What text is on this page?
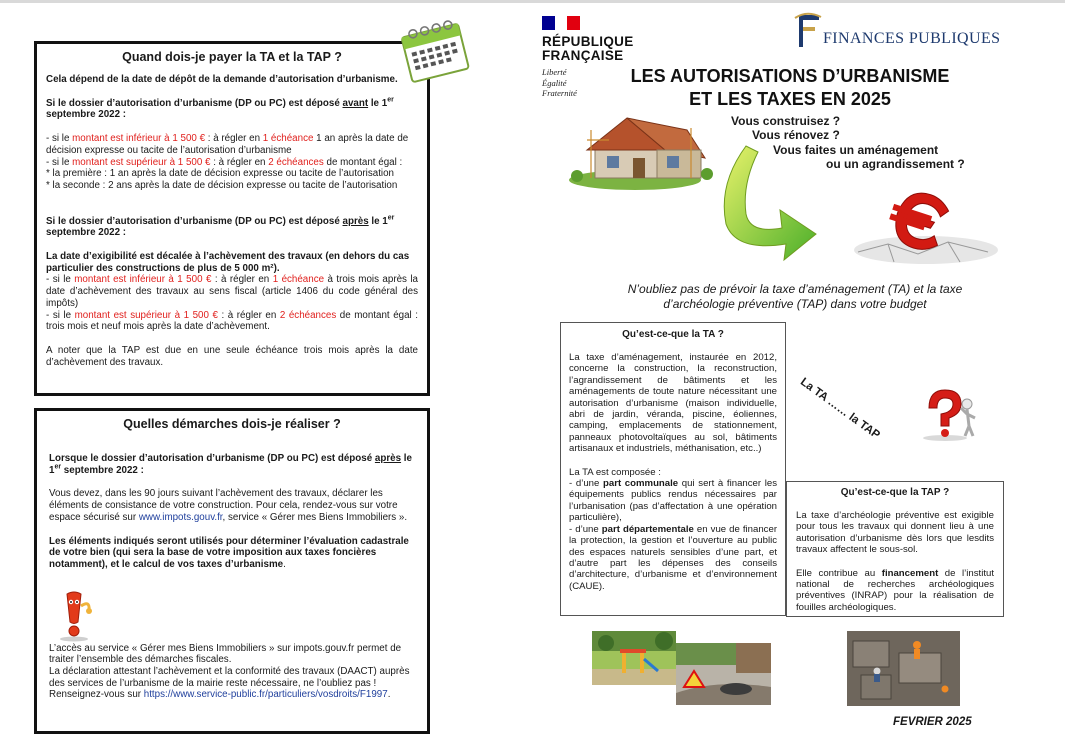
Quand dois-je payer la TA et la TAP ?

Cela dépend de la date de dépôt de la demande d’autorisation d’urbanisme.

Si le dossier d’autorisation d’urbanisme (DP ou PC) est déposé avant le 1er septembre 2022 :

- si le montant est inférieur à 1 500 € : à régler en 1 échéance 1 an après la date de décision expresse ou tacite de l’autorisation d’urbanisme

- si le montant est supérieur à 1 500 € : à régler en 2 échéances de montant égal :

* la première : 1 an après la date de décision expresse ou tacite de l’autorisation

* la seconde : 2 ans après la date de décision expresse ou tacite de l’autorisation

Si le dossier d’autorisation d’urbanisme (DP ou PC) est déposé après le 1er septembre 2022 :

La date d’exigibilité est décalée à l’achèvement des travaux (en dehors du cas particulier des constructions de plus de 5 000 m²).

- si le montant est inférieur à 1 500 € : à régler en 1 échéance à trois mois après la date d’achèvement des travaux au sens fiscal (article 1406 du code général des impôts)

- si le montant est supérieur à 1 500 € : à régler en 2 échéances de montant égal : trois mois et neuf mois après la date d’achèvement.

A noter que la TAP est due en une seule échéance trois mois après la date d’achèvement des travaux.

Quelles démarches dois-je réaliser ?

Lorsque le dossier d’autorisation d’urbanisme (DP ou PC) est déposé après le 1er septembre 2022 :

Vous devez, dans les 90 jours suivant l’achèvement des travaux, déclarer les éléments de consistance de votre construction. Pour cela, rendez-vous sur votre espace sécurisé sur www.impots.gouv.fr, service « Gérer mes Biens Immobiliers ».

Les éléments indiqués seront utilisés pour déterminer l’évaluation cadastrale de votre bien (qui sera la base de votre imposition aux taxes foncières notamment), et le calcul de vos taxes d’urbanisme.

L’accès au service « Gérer mes Biens Immobiliers » sur impots.gouv.fr permet de traiter l’ensemble des démarches fiscales.

La déclaration attestant l’achèvement et la conformité des travaux (DAACT) auprès des services de l’urbanisme de la mairie reste nécessaire, ne l’oubliez pas !

Renseignez-vous sur https://www.service-public.fr/particuliers/vosdroits/F1997.

RÉPUBLIQUE
FRANÇAISE
Liberté
Égalité
Fraternité
FINANCES PUBLIQUES
LES AUTORISATIONS D’URBANISME
ET LES TAXES EN 2025
Vous construisez ?
Vous rénovez ?
Vous faites un aménagement
ou un agrandissement ?
N’oubliez pas de prévoir la taxe d’aménagement (TA) et la taxe d’archéologie préventive (TAP) dans votre budget
Qu’est-ce-que la TA ?

La taxe d’aménagement, instaurée en 2012, concerne la construction, la reconstruction, l’agrandissement de bâtiments et les aménagements de toute nature nécessitant une autorisation d’urbanisme (maison individuelle, abri de jardin, véranda, piscine, éoliennes, camping, emplacements de stationnement, panneaux photovoltaïques au sol, bâtiments artisanaux et industriels, méthanisation, etc..)

La TA est composée :

- d’une part communale qui sert à financer les équipements publics rendus nécessaires par l’urbanisation (pas d’affectation à une opération particulière),

- d’une part départementale en vue de financer la protection, la gestion et l’ouverture au public des espaces naturels sensibles d’une part, et d’autre part les dépenses des conseils d’architecture, d’urbanisme et d’environnement (CAUE).

La TA …… la TAP
Qu’est-ce-que la TAP ?

La taxe d’archéologie préventive est exigible pour tous les travaux qui donnent lieu à une autorisation d’urbanisme dès lors que lesdits travaux affectent le sous-sol.

Elle contribue au financement de l’institut national de recherches archéologiques préventives (INRAP) pour la réalisation de fouilles archéologiques.

FEVRIER 2025
